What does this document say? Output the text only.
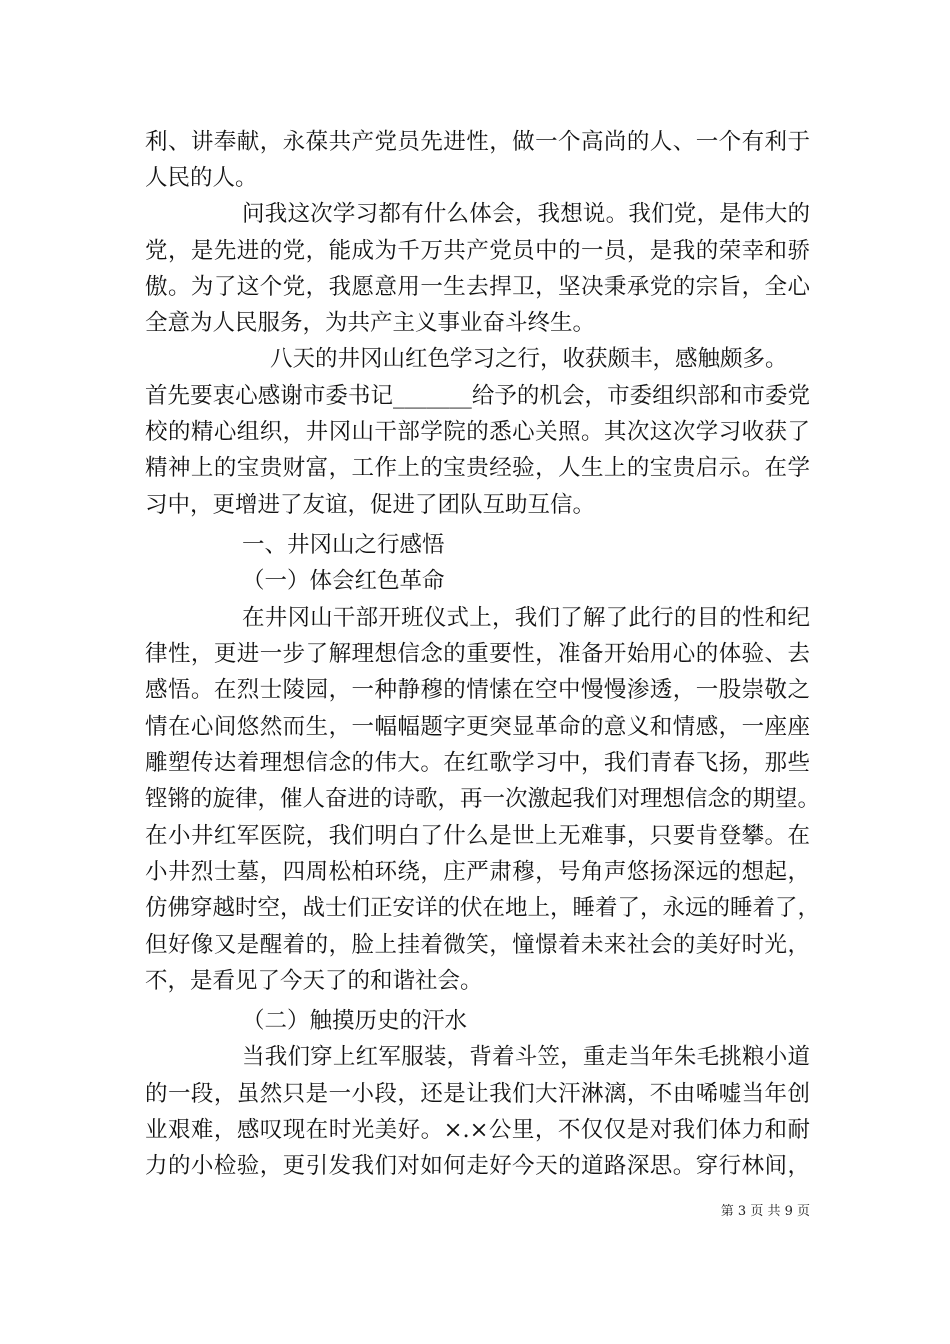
利、讲奉献，永葆共产党员先进性，做一个高尚的人、一个有利于
人民的人。
问我这次学习都有什么体会，我想说。我们党，是伟大的
党，是先进的党，能成为千万共产党员中的一员，是我的荣幸和骄
傲。为了这个党，我愿意用一生去捍卫，坚决秉承党的宗旨，全心
全意为人民服务，为共产主义事业奋斗终生。
八天的井冈山红色学习之行，收获颇丰，感触颇多。
首先要衷心感谢市委书记_______给予的机会，市委组织部和市委党
校的精心组织，井冈山干部学院的悉心关照。其次这次学习收获了
精神上的宝贵财富，工作上的宝贵经验，人生上的宝贵启示。在学
习中，更增进了友谊，促进了团队互助互信。
一、井冈山之行感悟
（一）体会红色革命
在井冈山干部开班仪式上，我们了解了此行的目的性和纪
律性，更进一步了解理想信念的重要性，准备开始用心的体验、去
感悟。在烈士陵园，一种静穆的情愫在空中慢慢渗透，一股崇敬之
情在心间悠然而生，一幅幅题字更突显革命的意义和情感，一座座
雕塑传达着理想信念的伟大。在红歌学习中，我们青春飞扬，那些
铿锵的旋律，催人奋进的诗歌，再一次激起我们对理想信念的期望。
在小井红军医院，我们明白了什么是世上无难事，只要肯登攀。在
小井烈士墓，四周松柏环绕，庄严肃穆，号角声悠扬深远的想起，
仿佛穿越时空，战士们正安详的伏在地上，睡着了，永远的睡着了，
但好像又是醒着的，脸上挂着微笑，憧憬着未来社会的美好时光，
不，是看见了今天了的和谐社会。
（二）触摸历史的汗水
当我们穿上红军服装，背着斗笠，重走当年朱毛挑粮小道
的一段，虽然只是一小段，还是让我们大汗淋漓，不由唏嘘当年创
业艰难，感叹现在时光美好。×.×公里，不仅仅是对我们体力和耐
力的小检验，更引发我们对如何走好今天的道路深思。穿行林间，
第 3 页 共 9 页
